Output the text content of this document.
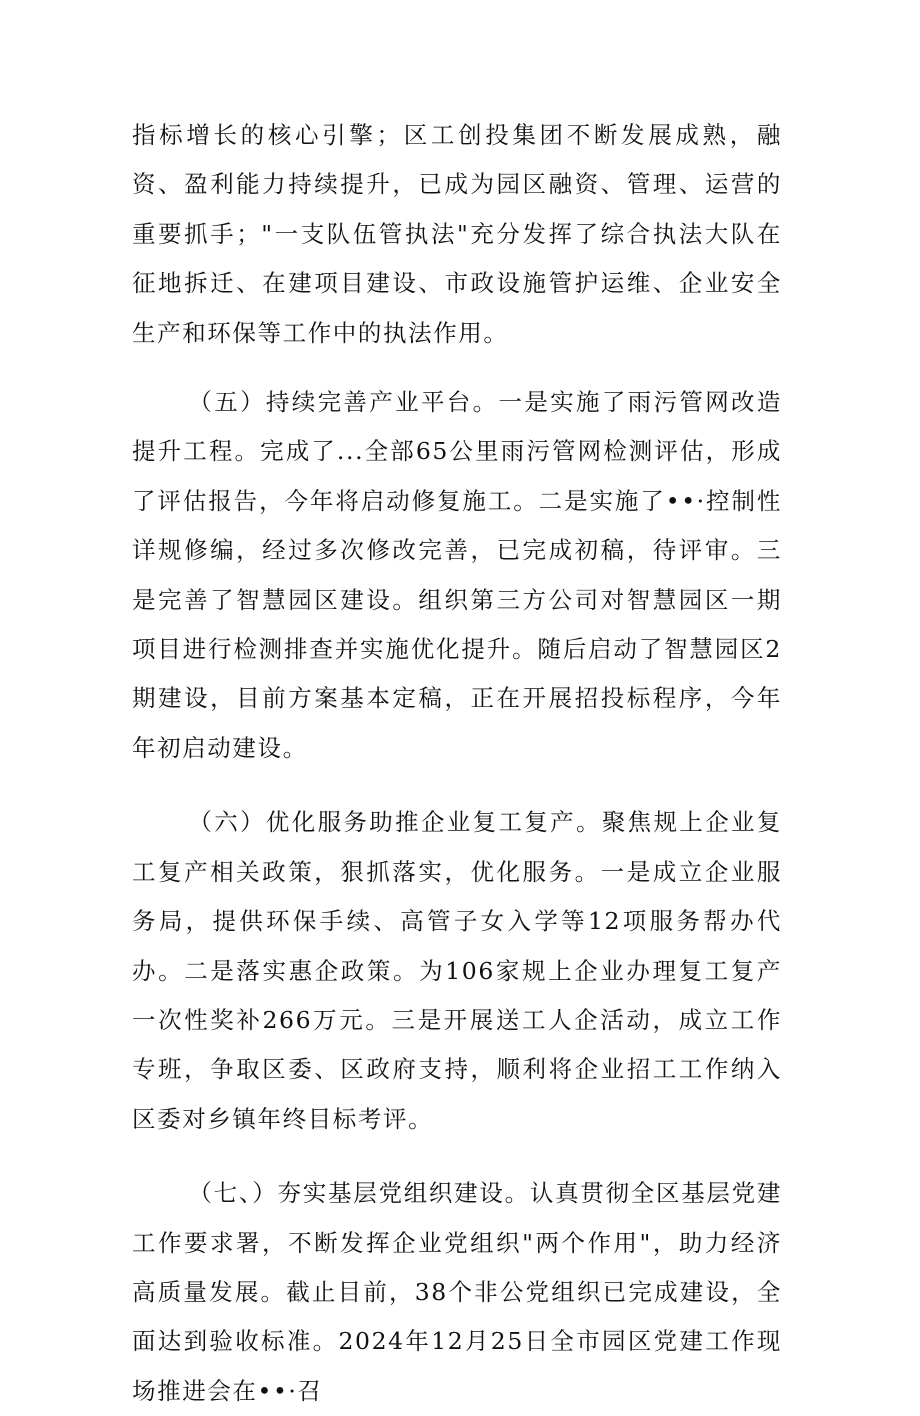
指标增长的核心引擎；区工创投集团不断发展成熟，融资、盈利能力持续提升，已成为园区融资、管理、运营的重要抓手；"一支队伍管执法"充分发挥了综合执法大队在征地拆迁、在建项目建设、市政设施管护运维、企业安全生产和环保等工作中的执法作用。

（五）持续完善产业平台。一是实施了雨污管网改造提升工程。完成了...全部65公里雨污管网检测评估，形成了评估报告，今年将启动修复施工。二是实施了••·控制性详规修编，经过多次修改完善，已完成初稿，待评审。三是完善了智慧园区建设。组织第三方公司对智慧园区一期项目进行检测排查并实施优化提升。随后启动了智慧园区2期建设，目前方案基本定稿，正在开展招投标程序，今年年初启动建设。

（六）优化服务助推企业复工复产。聚焦规上企业复工复产相关政策，狠抓落实，优化服务。一是成立企业服务局，提供环保手续、高管子女入学等12项服务帮办代办。二是落实惠企政策。为106家规上企业办理复工复产一次性奖补266万元。三是开展送工人企活动，成立工作专班，争取区委、区政府支持，顺利将企业招工工作纳入区委对乡镇年终目标考评。

（七、）夯实基层党组织建设。认真贯彻全区基层党建工作要求署，不断发挥企业党组织"两个作用"，助力经济高质量发展。截止目前，38个非公党组织已完成建设，全面达到验收标准。2024年12月25日全市园区党建工作现场推进会在••·召
